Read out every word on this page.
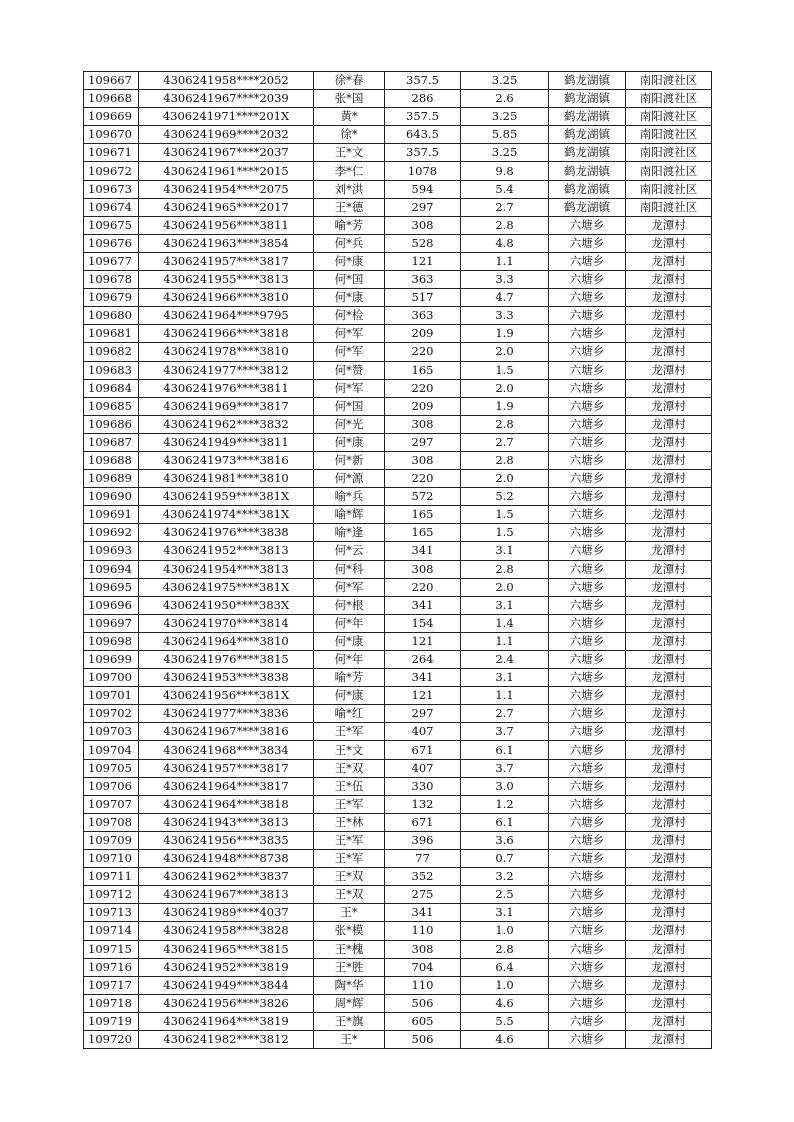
109667	4306241958****2052	徐*春	357.5	3.25	鹤龙湖镇	南阳渡社区
109668	4306241967****2039	张*国	286	2.6	鹤龙湖镇	南阳渡社区
109669	4306241971****201X	黄*	357.5	3.25	鹤龙湖镇	南阳渡社区
109670	4306241969****2032	徐*	643.5	5.85	鹤龙湖镇	南阳渡社区
109671	4306241967****2037	王*文	357.5	3.25	鹤龙湖镇	南阳渡社区
109672	4306241961****2015	李*仁	1078	9.8	鹤龙湖镇	南阳渡社区
109673	4306241954****2075	刘*洪	594	5.4	鹤龙湖镇	南阳渡社区
109674	4306241965****2017	王*德	297	2.7	鹤龙湖镇	南阳渡社区
109675	4306241956****3811	喻*芳	308	2.8	六塘乡	龙潭村
109676	4306241963****3854	何*兵	528	4.8	六塘乡	龙潭村
109677	4306241957****3817	何*康	121	1.1	六塘乡	龙潭村
109678	4306241955****3813	何*国	363	3.3	六塘乡	龙潭村
109679	4306241966****3810	何*康	517	4.7	六塘乡	龙潭村
109680	4306241964****9795	何*检	363	3.3	六塘乡	龙潭村
109681	4306241966****3818	何*军	209	1.9	六塘乡	龙潭村
109682	4306241978****3810	何*军	220	2.0	六塘乡	龙潭村
109683	4306241977****3812	何*赞	165	1.5	六塘乡	龙潭村
109684	4306241976****3811	何*军	220	2.0	六塘乡	龙潭村
109685	4306241969****3817	何*国	209	1.9	六塘乡	龙潭村
109686	4306241962****3832	何*光	308	2.8	六塘乡	龙潭村
109687	4306241949****3811	何*康	297	2.7	六塘乡	龙潭村
109688	4306241973****3816	何*新	308	2.8	六塘乡	龙潭村
109689	4306241981****3810	何*源	220	2.0	六塘乡	龙潭村
109690	4306241959****381X	喻*兵	572	5.2	六塘乡	龙潭村
109691	4306241974****381X	喻*辉	165	1.5	六塘乡	龙潭村
109692	4306241976****3838	喻*逢	165	1.5	六塘乡	龙潭村
109693	4306241952****3813	何*云	341	3.1	六塘乡	龙潭村
109694	4306241954****3813	何*科	308	2.8	六塘乡	龙潭村
109695	4306241975****381X	何*军	220	2.0	六塘乡	龙潭村
109696	4306241950****383X	何*根	341	3.1	六塘乡	龙潭村
109697	4306241970****3814	何*年	154	1.4	六塘乡	龙潭村
109698	4306241964****3810	何*康	121	1.1	六塘乡	龙潭村
109699	4306241976****3815	何*年	264	2.4	六塘乡	龙潭村
109700	4306241953****3838	喻*芳	341	3.1	六塘乡	龙潭村
109701	4306241956****381X	何*康	121	1.1	六塘乡	龙潭村
109702	4306241977****3836	喻*红	297	2.7	六塘乡	龙潭村
109703	4306241967****3816	王*军	407	3.7	六塘乡	龙潭村
109704	4306241968****3834	王*文	671	6.1	六塘乡	龙潭村
109705	4306241957****3817	王*双	407	3.7	六塘乡	龙潭村
109706	4306241964****3817	王*伍	330	3.0	六塘乡	龙潭村
109707	4306241964****3818	王*军	132	1.2	六塘乡	龙潭村
109708	4306241943****3813	王*林	671	6.1	六塘乡	龙潭村
109709	4306241956****3835	王*军	396	3.6	六塘乡	龙潭村
109710	4306241948****8738	王*军	77	0.7	六塘乡	龙潭村
109711	4306241962****3837	王*双	352	3.2	六塘乡	龙潭村
109712	4306241967****3813	王*双	275	2.5	六塘乡	龙潭村
109713	4306241989****4037	王*	341	3.1	六塘乡	龙潭村
109714	4306241958****3828	张*模	110	1.0	六塘乡	龙潭村
109715	4306241965****3815	王*槐	308	2.8	六塘乡	龙潭村
109716	4306241952****3819	王*胜	704	6.4	六塘乡	龙潭村
109717	4306241949****3844	陶*华	110	1.0	六塘乡	龙潭村
109718	4306241956****3826	周*辉	506	4.6	六塘乡	龙潭村
109719	4306241964****3819	王*旗	605	5.5	六塘乡	龙潭村
109720	4306241982****3812	王*	506	4.6	六塘乡	龙潭村
